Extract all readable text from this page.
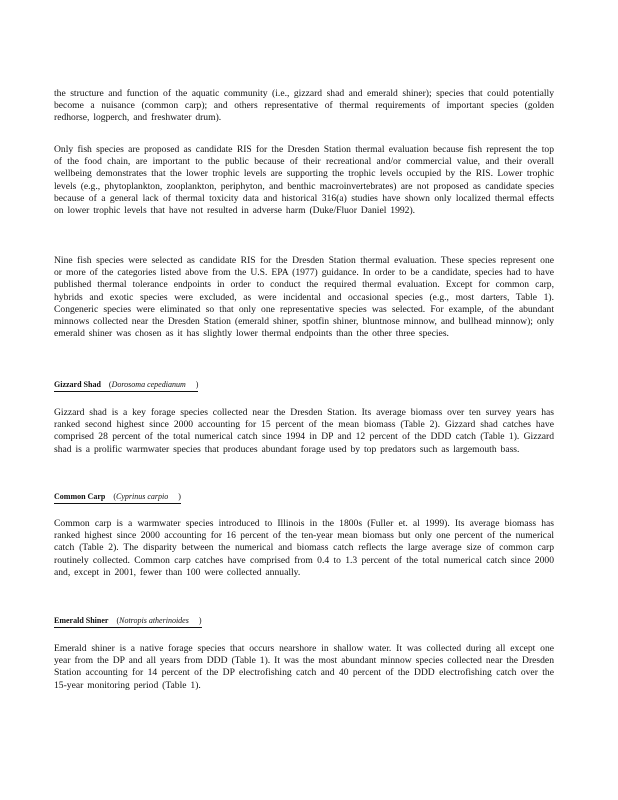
the structure and function of the aquatic community (i.e., gizzard shad and emerald shiner); species that could potentially become a nuisance (common carp); and others representative of thermal requirements of important species (golden redhorse, logperch, and freshwater drum).

Only fish species are proposed as candidate RIS for the Dresden Station thermal evaluation because fish represent the top of the food chain, are important to the public because of their recreational and/or commercial value, and their overall wellbeing demonstrates that the lower trophic levels are supporting the trophic levels occupied by the RIS. Lower trophic levels (e.g., phytoplankton, zooplankton, periphyton, and benthic macroinvertebrates) are not proposed as candidate species because of a general lack of thermal toxicity data and historical 316(a) studies have shown only localized thermal effects on lower trophic levels that have not resulted in adverse harm (Duke/Fluor Daniel 1992).

Nine fish species were selected as candidate RIS for the Dresden Station thermal evaluation. These species represent one or more of the categories listed above from the U.S. EPA (1977) guidance. In order to be a candidate, species had to have published thermal tolerance endpoints in order to conduct the required thermal evaluation. Except for common carp, hybrids and exotic species were excluded, as were incidental and occasional species (e.g., most darters, Table 1). Congeneric species were eliminated so that only one representative species was selected. For example, of the abundant minnows collected near the Dresden Station (emerald shiner, spotfin shiner, bluntnose minnow, and bullhead minnow); only emerald shiner was chosen as it has slightly lower thermal endpoints than the other three species.

Gizzard Shad (Dorosoma cepedianum )

Gizzard shad is a key forage species collected near the Dresden Station. Its average biomass over ten survey years has ranked second highest since 2000 accounting for 15 percent of the mean biomass (Table 2). Gizzard shad catches have comprised 28 percent of the total numerical catch since 1994 in DP and 12 percent of the DDD catch (Table 1). Gizzard shad is a prolific warmwater species that produces abundant forage used by top predators such as largemouth bass.

Common Carp (Cyprinus carpio )

Common carp is a warmwater species introduced to Illinois in the 1800s (Fuller et. al 1999). Its average biomass has ranked highest since 2000 accounting for 16 percent of the ten-year mean biomass but only one percent of the numerical catch (Table 2). The disparity between the numerical and biomass catch reflects the large average size of common carp routinely collected. Common carp catches have comprised from 0.4 to 1.3 percent of the total numerical catch since 2000 and, except in 2001, fewer than 100 were collected annually.

Emerald Shiner (Notropis atherinoides )

Emerald shiner is a native forage species that occurs nearshore in shallow water. It was collected during all except one year from the DP and all years from DDD (Table 1). It was the most abundant minnow species collected near the Dresden Station accounting for 14 percent of the DP electrofishing catch and 40 percent of the DDD electrofishing catch over the 15-year monitoring period (Table 1).
